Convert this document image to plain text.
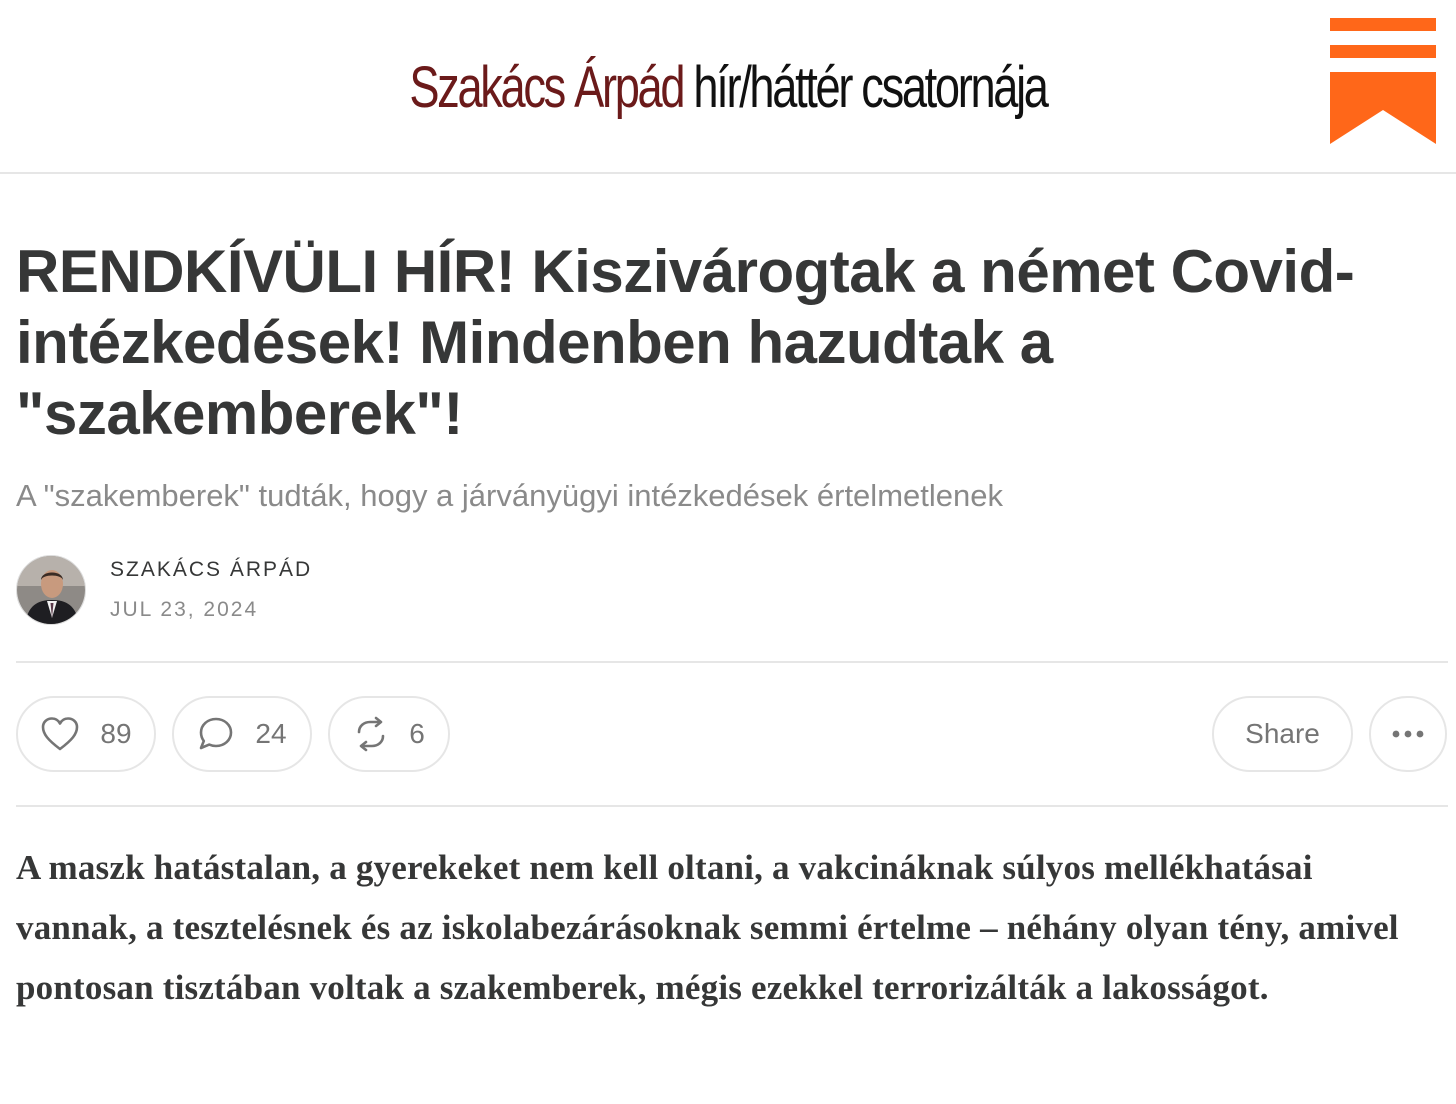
Szakács Árpád hír/háttér csatornája
RENDKÍVÜLI HÍR! Kiszivárogtak a német Covid-intézkedések! Mindenben hazudtak a "szakemberek"!

A "szakemberek" tudták, hogy a járványügyi intézkedések értelmetlenek

SZAKÁCS ÁRPÁD
JUL 23, 2024
89	24	6	Share

A maszk hatástalan, a gyerekeket nem kell oltani, a vakcináknak súlyos mellékhatásai vannak, a tesztelésnek és az iskolabezárásoknak semmi értelme – néhány olyan tény, amivel pontosan tisztában voltak a szakemberek, mégis ezekkel terrorizálták a lakosságot.
